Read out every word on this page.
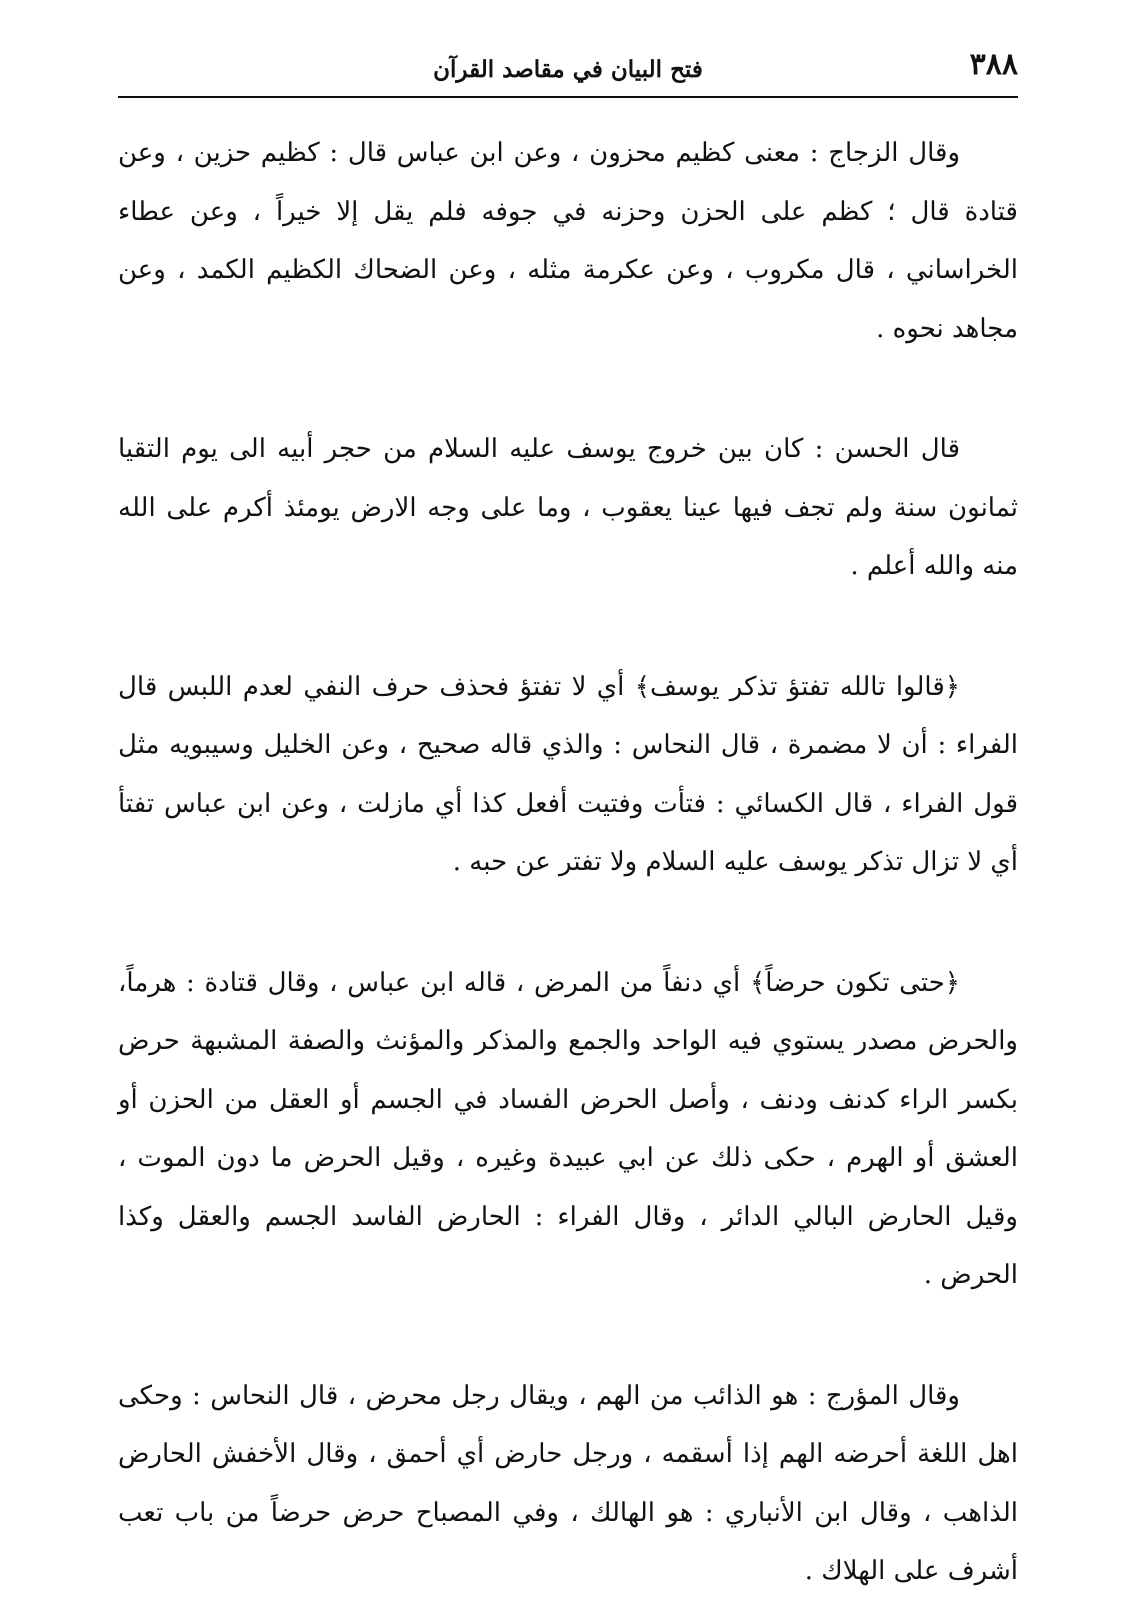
٣٨٨
فتح البيان في مقاصد القرآن

وقال الزجاج : معنى كظيم محزون ، وعن ابن عباس قال : كظيم حزين ، وعن قتادة قال ؛ كظم على الحزن وحزنه في جوفه فلم يقل إلا خيراً ، وعن عطاء الخراساني ، قال مكروب ، وعن عكرمة مثله ، وعن الضحاك الكظيم الكمد ، وعن مجاهد نحوه .

قال الحسن : كان بين خروج يوسف عليه السلام من حجر أبيه الى يوم التقيا ثمانون سنة ولم تجف فيها عينا يعقوب ، وما على وجه الارض يومئذ أكرم على الله منه والله أعلم .

﴿قالوا تالله تفتؤ تذكر يوسف﴾ أي لا تفتؤ فحذف حرف النفي لعدم اللبس قال الفراء : أن لا مضمرة ، قال النحاس : والذي قاله صحيح ، وعن الخليل وسيبويه مثل قول الفراء ، قال الكسائي : فتأت وفتيت أفعل كذا أي مازلت ، وعن ابن عباس تفتأ أي لا تزال تذكر يوسف عليه السلام ولا تفتر عن حبه .

﴿حتى تكون حرضاً﴾ أي دنفاً من المرض ، قاله ابن عباس ، وقال قتادة : هرماً، والحرض مصدر يستوي فيه الواحد والجمع والمذكر والمؤنث والصفة المشبهة حرض بكسر الراء كدنف ودنف ، وأصل الحرض الفساد في الجسم أو العقل من الحزن أو العشق أو الهرم ، حكى ذلك عن ابي عبيدة وغيره ، وقيل الحرض ما دون الموت ، وقيل الحارض البالي الدائر ، وقال الفراء : الحارض الفاسد الجسم والعقل وكذا الحرض .

وقال المؤرج : هو الذائب من الهم ، ويقال رجل محرض ، قال النحاس : وحكى اهل اللغة أحرضه الهم إذا أسقمه ، ورجل حارض أي أحمق ، وقال الأخفش الحارض الذاهب ، وقال ابن الأنباري : هو الهالك ، وفي المصباح حرض حرضاً من باب تعب أشرف على الهلاك .
